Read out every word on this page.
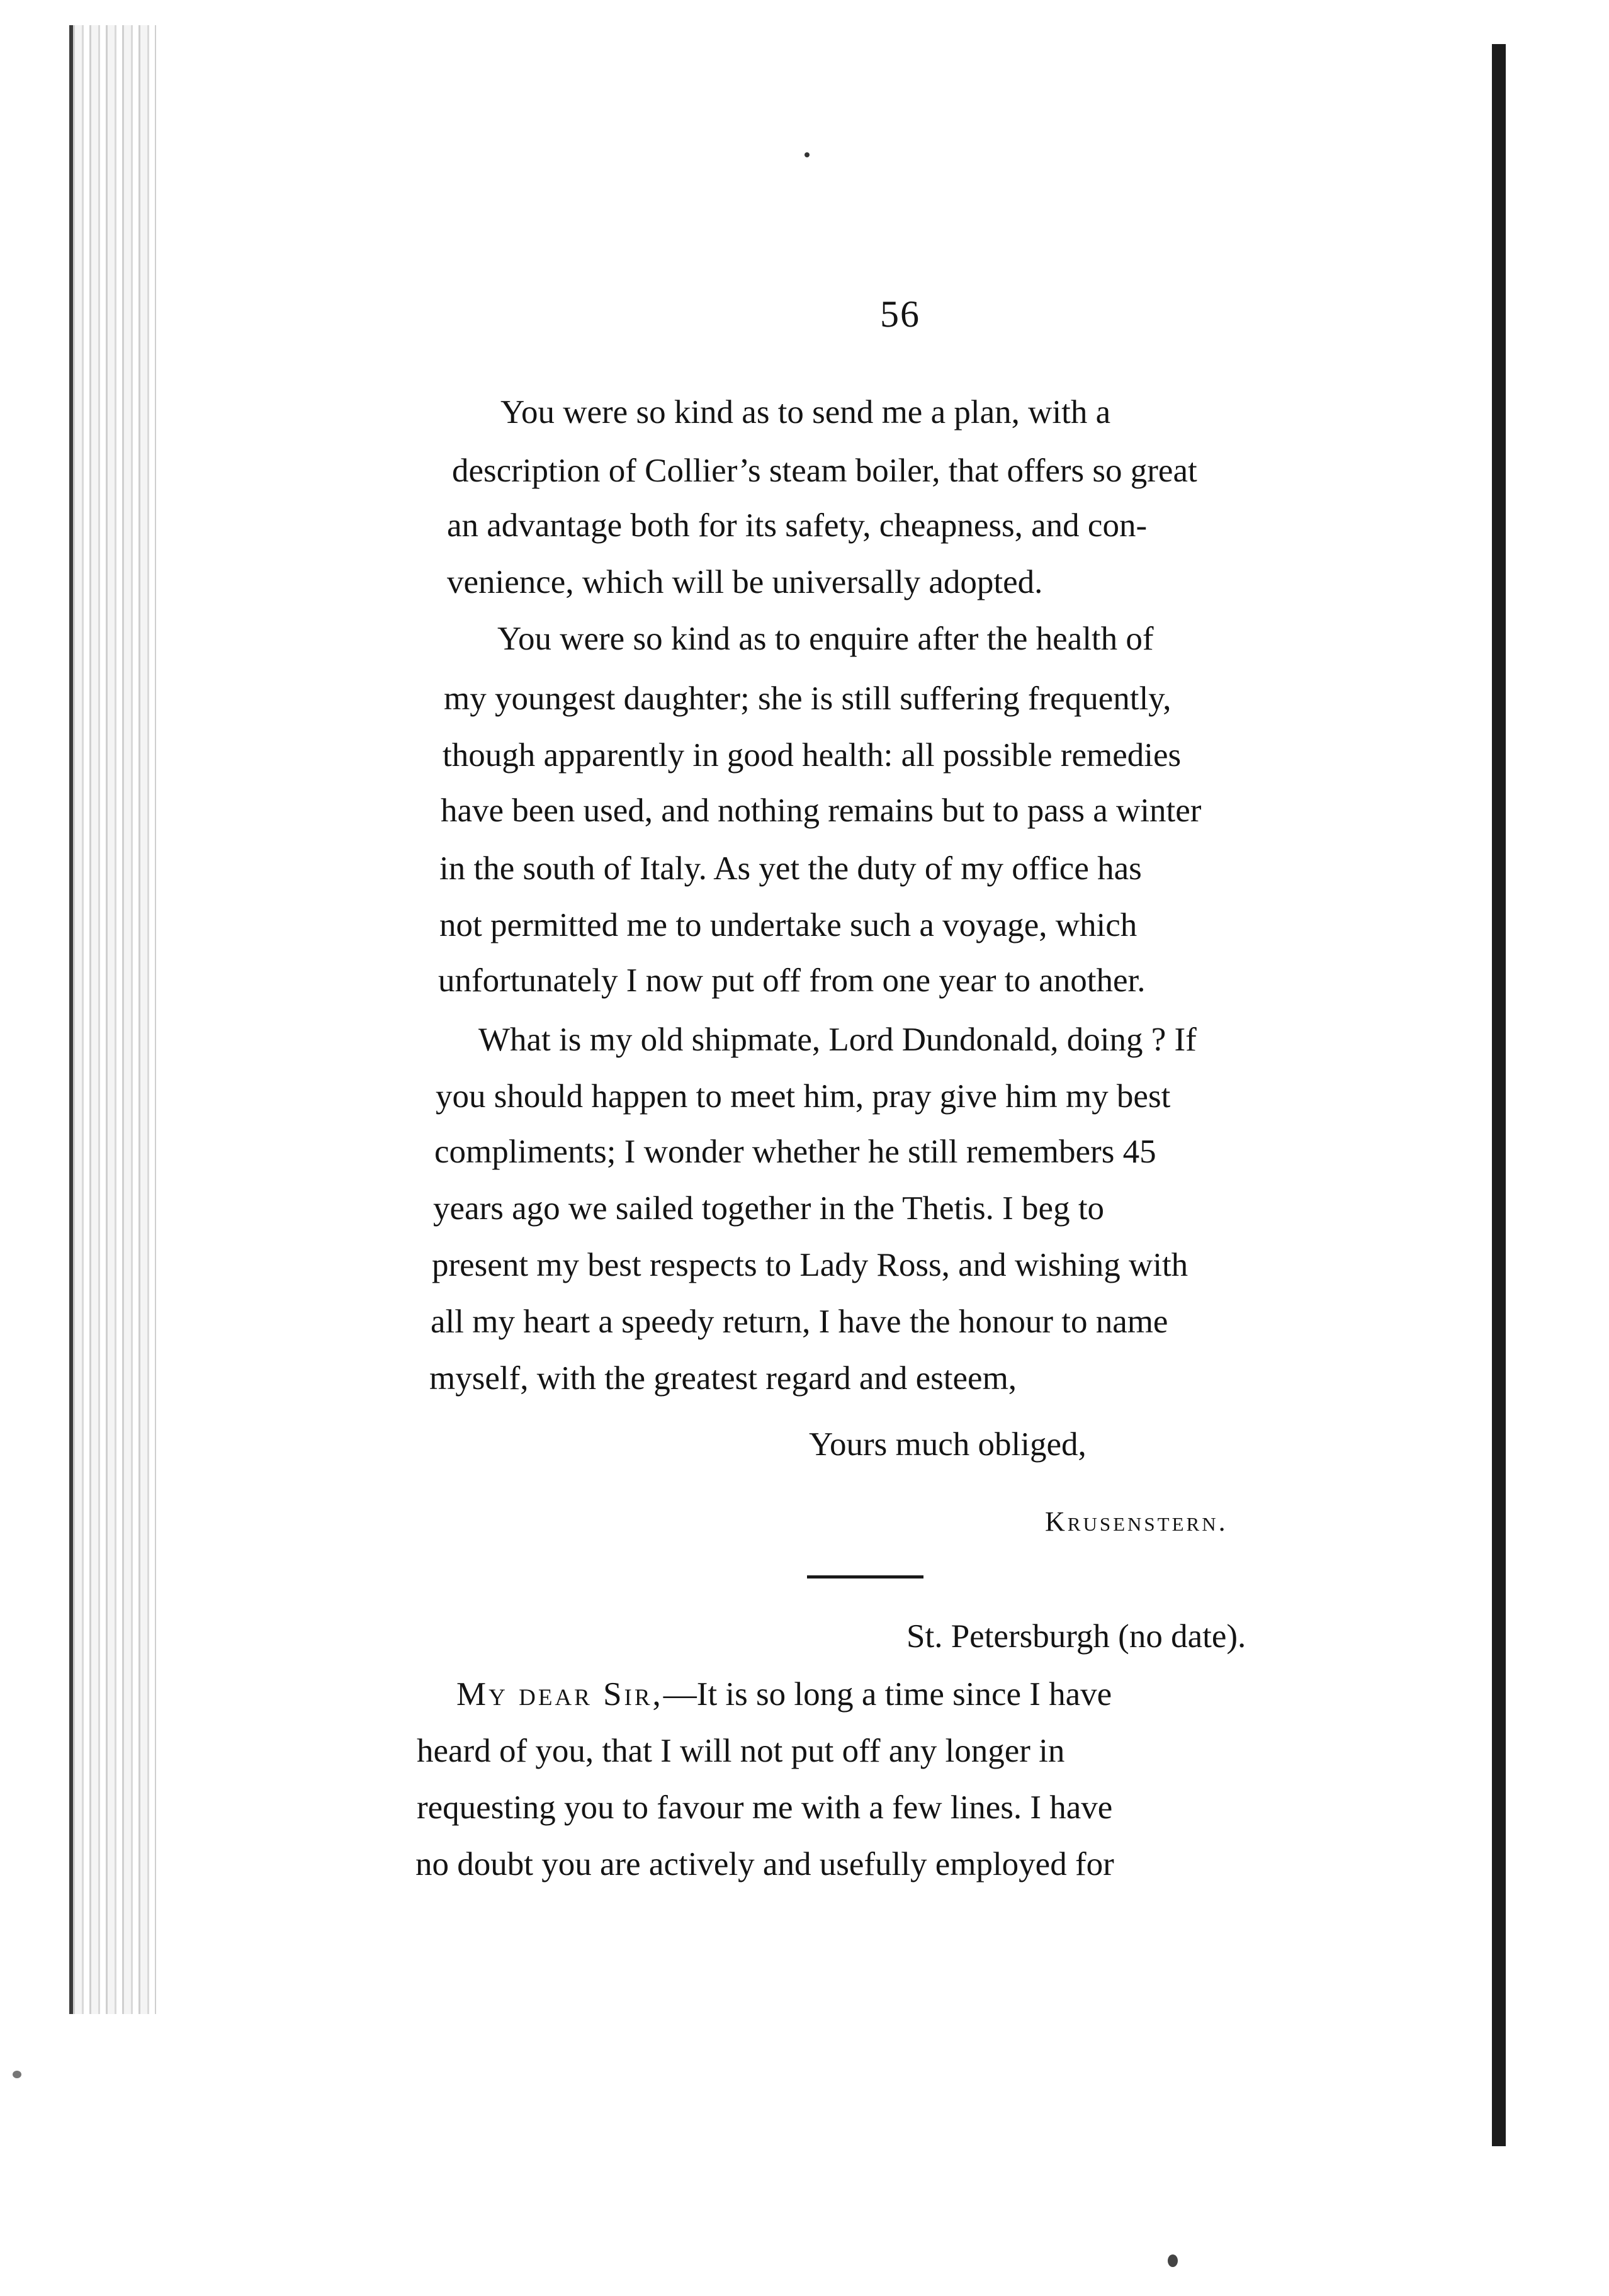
56
You were so kind as to send me a plan, with a
description of Collier’s steam boiler, that offers so great
an advantage both for its safety, cheapness, and con-
venience, which will be universally adopted.
You were so kind as to enquire after the health of
my youngest daughter; she is still suffering frequently,
though apparently in good health: all possible remedies
have been used, and nothing remains but to pass a winter
in the south of Italy. As yet the duty of my office has
not permitted me to undertake such a voyage, which
unfortunately I now put off from one year to another.
What is my old shipmate, Lord Dundonald, doing ? If
you should happen to meet him, pray give him my best
compliments; I wonder whether he still remembers 45
years ago we sailed together in the Thetis. I beg to
present my best respects to Lady Ross, and wishing with
all my heart a speedy return, I have the honour to name
myself, with the greatest regard and esteem,
Yours much obliged,
Krusenstern.
St. Petersburgh (no date).
My dear Sir,—It is so long a time since I have
heard of you, that I will not put off any longer in
requesting you to favour me with a few lines. I have
no doubt you are actively and usefully employed for
